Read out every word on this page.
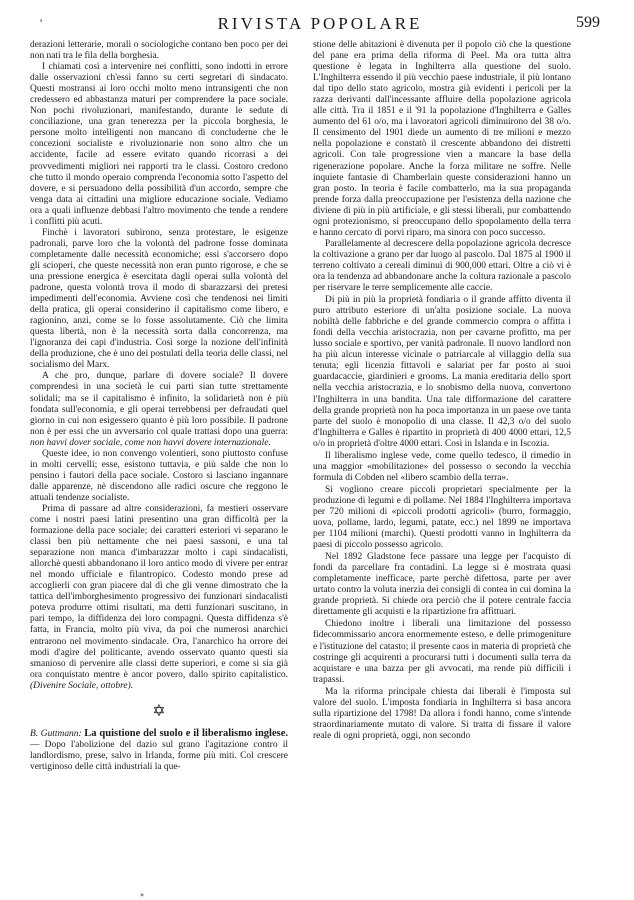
'	RIVISTA POPOLARE	599

derazioni letterarie, morali o sociologiche contano ben poco per dei non nati tra le fila della borghesia.

I chiamati così a intervenire nei conflitti, sono indotti in errore dalle osservazioni ch'essi fanno su certi segretari di sindacato. Questi mostransi ai loro occhi molto meno intransigenti che non credessero ed abbastanza maturi per comprendere la pace sociale. Non pochi rivoluzionari, manifestando, durante le sedute di conciliazione, una gran tenerezza per la piccola borghesia, le persone molto intelligenti non mancano di concluderne che le concezioni socialiste e rivoluzionarie non sono altro che un accidente, facile ad essere evitato quando ricorrasi a dei provvedimenti migliori nei rapporti tra le classi. Costoro credono che tutto il mondo operaio comprenda l'economia sotto l'aspetto del dovere, e si persuadono della possibilità d'un accordo, sempre che venga data ai cittadini una migliore educazione sociale. Vediamo ora a quali influenze debbasi l'altro movimento che tende a rendere i conflitti più acuti.

Finchè i lavoratori subirono, senza protestare, le esigenze padronali, parve loro che la volontà del padrone fosse dominata completamente dalle necessità economiche; essi s'accorsero dopo gli scioperi, che queste necessità non eran punto rigorose, e che se una pressione energica è esercitata dagli operai sulla volontà del padrone, questa volontà trova il modo di sbarazzarsi dei pretesi impedimenti dell'economia. Avviene così che tendenosi nei limiti della pratica, gli operai considerino il capitalismo come libero, e ragionino, anzi, come se lo fosse assolutamente. Ciò che limita questa libertà, non è la necessità sorta dalla concorrenza, ma l'ignoranza dei capi d'industria. Così sorge la nozione dell'infinità della produzione, che è uno dei postulati della teoria delle classi, nel socialismo del Marx.

A che pro, dunque, parlare di dovere sociale? Il dovere comprendesi in una società le cui parti sian tutte strettamente solidali; ma se il capitalismo è infinito, la solidarietà non è più fondata sull'economia, e gli operai terrebbensi per defraudati quel giorno in cui non esigessero quanto è più loro possibile. Il padrone non è per essi che un avversario col quale trattasi dopo una guerra: non havvi dover sociale, come non havvi dovere internazionale.

Queste idee, io non convengo volentieri, sono piuttosto confuse in molti cervelli; esse, esistono tuttavia, e più salde che non lo pensino i fautori della pace sociale. Costoro si lasciano ingannare dalle apparenze, nè discendono alle radici oscure che reggono le attuali tendenze socialiste.

Prima di passare ad altre considerazioni, fa mestieri osservare come i nostri paesi latini presentino una gran difficoltà per la formazione della pace sociale; dei caratteri esteriori vi separano le classi ben più nettamente che nei paesi sassoni, e una tal separazione non manca d'imbarazzar molto i capi sindacalisti, allorchè questi abbandonano il loro antico modo di vivere per entrar nel mondo ufficiale e filantropico. Codesto mondo prese ad accoglierli con gran piacere dal dì che gli venne dimostrato che la tattica dell'imborghesimento progressivo dei funzionari sindacalisti poteva produrre ottimi risultati, ma detti funzionari suscitano, in pari tempo, la diffidenza dei loro compagni. Questa diffidenza s'è fatta, in Francia, molto più viva, da poi che numerosi anarchici entrarono nel movimento sindacale. Ora, l'anarchico ha orrore dei modi d'agire del politicante, avendo osservato quanto questi sia smanioso di pervenire alle classi dette superiori, e come si sia già ora conquistato mentre è ancor povero, dallo spirito capitalistico. (Divenire Sociale, ottobre).

✡

B. Guttmann: La quistione del suolo e il liberalismo inglese. — Dopo l'abolizione del dazio sul grano l'agitazione contro il landlordismo, prese, salvo in Irlanda, forme più miti. Col crescere vertiginoso delle città industriali la que-

stione delle abitazioni è divenuta per il popolo ciò che la questione del pane era prima della riforma di Peel. Ma ora tutta altra questione è legata in Inghilterra alla questione del suolo. L'Inghilterra essendo il più vecchio paese industriale, il più lontano dal tipo dello stato agricolo, mostra già evidenti i pericoli per la razza derivanti dall'incessante affluire della popolazione agricola alle città. Tra il 1851 e il '91 la popolazione d'Inghilterra e Galles aumento del 61 o/o, ma i lavoratori agricoli diminuirono del 38 o/o. Il censimento del 1901 diede un aumento di tre milioni e mezzo nella popolazione e constatò il crescente abbandono dei distretti agricoli. Con tale progressione vien a mancare la base della rigenerazione popolare. Anche la forza militare ne soffre. Nelle inquiete fantasie di Chamberlain queste considerazioni hanno un gran posto. In teoria è facile combatterlo, ma la sua propaganda prende forza dalla preoccupazione per l'esistenza della nazione che diviene di più in più artificiale, e gli stessi liberali, pur combattendo ogni protezionismo, si preoccupano dello spopolamento della terra e hanno cercato di porvi riparo, ma sinora con poco successo.

Parallelamente al decrescere della popolazione agricola decresce la coltivazione a grano per dar luogo al pascolo. Dal 1875 al 1900 il terreno coltivato a cereali diminuì di 900,000 ettari. Oltre a ciò vi è ora la tendenza ad abbandonare anche la coltura razionale a pascolo per riservare le terre semplicemente alle caccie.

Di più in più la proprietà fondiaria o il grande affitto diventa il puro attributo esteriore di un'alta posizione sociale. La nuova nobiltà delle fabbriche e del grande commercio compra o affitta i fondi della vecchia aristocrazia, non per cavarne profitto, ma per lusso sociale e sportivo, per vanità padronale. Il nuovo landlord non ha più alcun interesse vicinale o patriarcale al villaggio della sua tenuta; egli licenzia fittavoli e salariat per far posto ai suoi guardacaccie, giardinieri e grooms. La mania ereditaria dello sport nella vecchia aristocrazia, e lo snobismo della nuova, convertono l'Inghilterra in una bandita. Una tale difformazione del carattere della grande proprietà non ha poca importanza in un paese ove tanta parte del suolo è monopolio di una classe. Il 42,3 o/o del suolo d'Inghilterra e Galles è ripartito in proprietà di 400 4000 ettari, 12,5 o/o in proprietà d'oltre 4000 ettari. Così in Islanda e in Iscozia.

Il liberalismo inglese vede, come quello tedesco, il rimedio in una maggior «mobilitazione» del possesso o secondo la vecchia formula di Cobden nel «libero scambio della terra».

Si vogliono creare piccoli proprietari specialmente per la produzione di legumi e di pollame. Nel 1884 l'Inghilterra importava per 720 milioni di «piccoli prodotti agricoli» (burro, formaggio, uova, pollame, lardo, legumi, patate, ecc.) nel 1899 ne importava per 1104 milioni (marchi). Questi prodotti vanno in Inghilterra da paesi di piccolo possesso agricolo.

Nel 1892 Gladstone fece passare una legge per l'acquisto di fondi da parcellare fra contadini. La legge si è mostrata quasi completamente inefficace, parte perchè difettosa, parte per aver urtato contro la voluta inerzia dei consigli di contea in cui domina la grande proprietà. Si chiede ora perciò che il potere centrale faccia direttamente gli acquisti e la ripartizione fra affittuari.

Chiedono inoltre i liberali una limitazione del possesso fidecommissario ancora enormemente esteso, e delle primogeniture e l'istituzione del catasto; il presente caos in materia di proprietà che costringe gli acquirenti a procurarsi tutti i documenti sulla terra da acquistare e una bazza per gli avvocati, ma rende più difficili i trapassi.

Ma la riforma principale chiesta dai liberali è l'imposta sul valore del suolo. L'imposta fondiaria in Inghilterra si basa ancora sulla ripartizione del 1798! Da allora i fondi hanno, come s'intende straordinariamente mutato di valore. Si tratta di fissare il valore reale di ogni proprietà, oggi, non secondo

»
